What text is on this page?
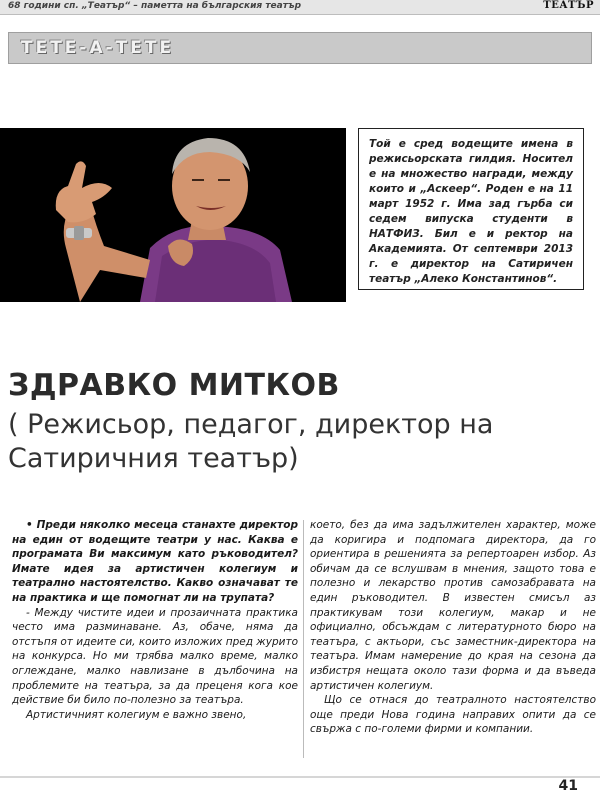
68 години сп. „Театър“ – паметта на българския театър	ТЕАТЪР
ТЕТЕ-А-ТЕТЕ
Той е сред водещите имена в режисьорската гилдия. Носител е на множество награди, между които и „Аскеер“. Роден е на 11 март 1952 г. Има зад гърба си седем випуска студенти в НАТФИЗ. Бил е и ректор на Академията. От септември 2013 г. е директор на Сатиричен театър „Алеко Константинов“.
ЗДРАВКО МИТКОВ
( Режисьор, педагог, директор на Сатиричния театър)

• Преди няколко месеца станахте директор на един от водещите театри у нас. Каква е програмата Ви максимум като ръководител? Имате идея за артистичен колегиум и театрално настоятелство. Какво означават те на практика и ще помогнат ли на трупата?

- Между чистите идеи и прозаичната практика често има разминаване. Аз, обаче, няма да отстъпя от идеите си, които изложих пред журито на конкурса. Но ми трябва малко време, малко оглеждане, малко навлизане в дълбочина на проблемите на театъра, за да преценя кога кое действие би било по-полезно за театъра.

Артистичният колегиум е важно звено,

което, без да има задължителен характер, може да коригира и подпомага директора, да го ориентира в решенията за репертоарен избор. Аз обичам да се вслушвам в мнения, защото това е полезно и лекарство против самозабравата на един ръководител. В известен смисъл аз практикувам този колегиум, макар и не официално, обсъждам с литературното бюро на театъра, с актьори, със заместник-директора на театъра. Имам намерение до края на сезона да избистря нещата около тази форма и да въведа артистичен колегиум.

Що се отнася до театралното настоятелство още преди Нова година направих опити да се свържа с по-големи фирми и компании.

41
